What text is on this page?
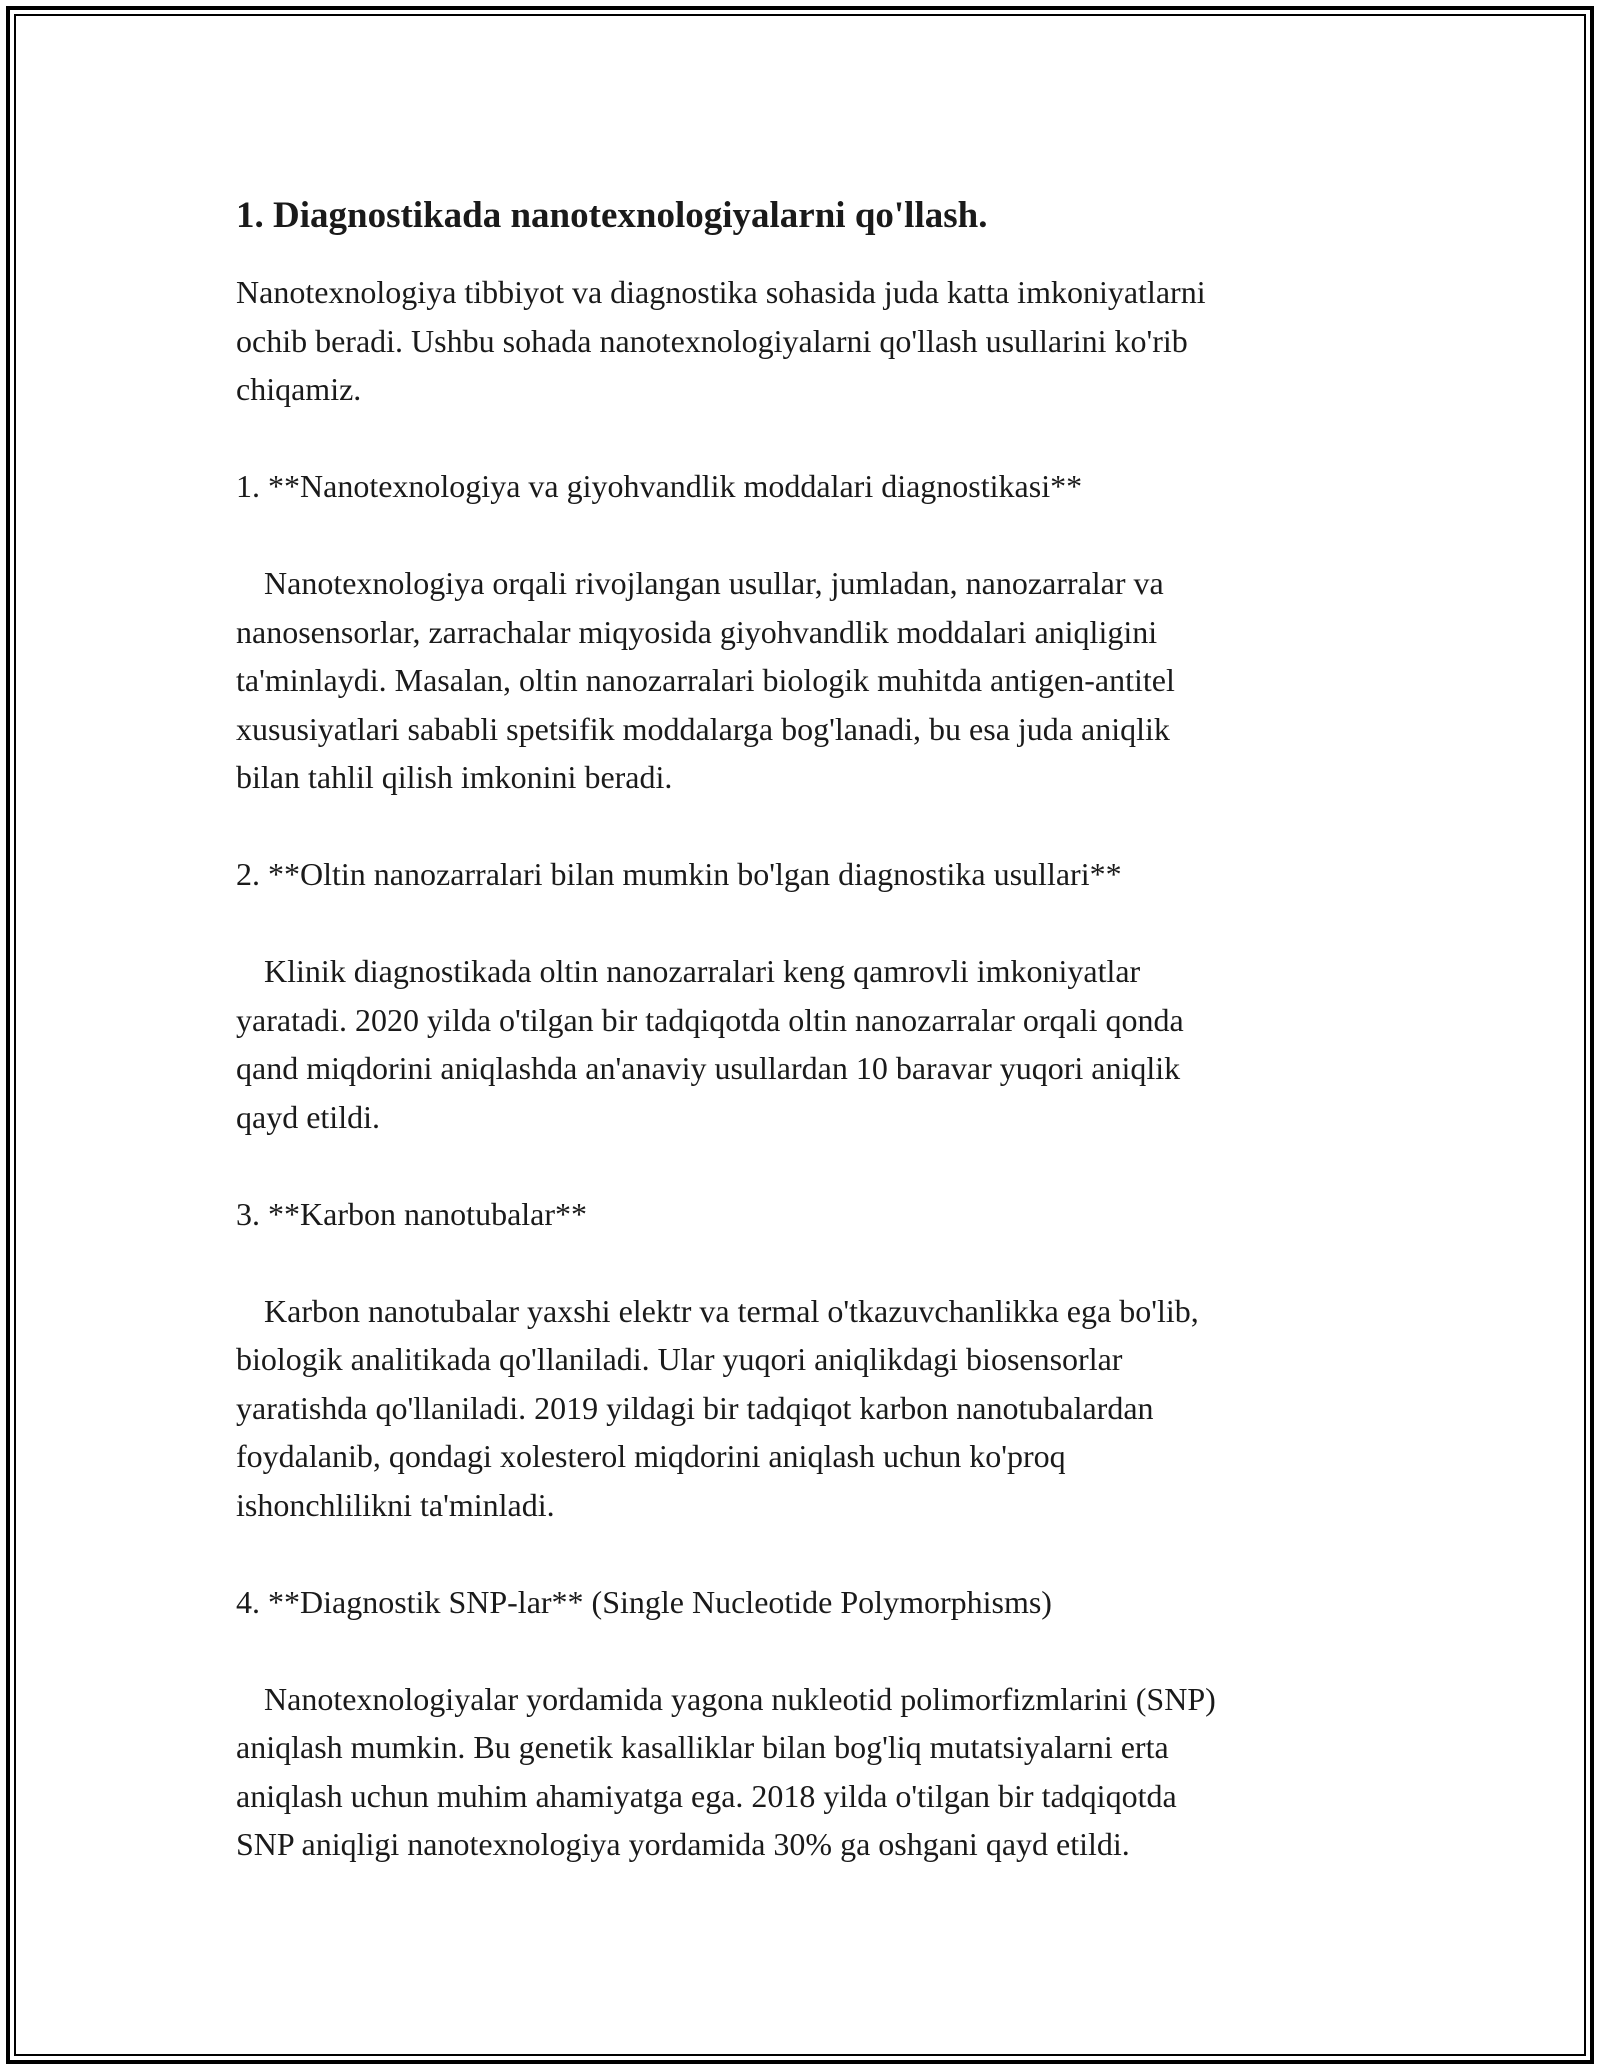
1. Diagnostikada nanotexnologiyalarni qo'llash.

Nanotexnologiya tibbiyot va diagnostika sohasida juda katta imkoniyatlarni
ochib beradi. Ushbu sohada nanotexnologiyalarni qo'llash usullarini ko'rib
chiqamiz.

1. **Nanotexnologiya va giyohvandlik moddalari diagnostikasi**

Nanotexnologiya orqali rivojlangan usullar, jumladan, nanozarralar va
nanosensorlar, zarrachalar miqyosida giyohvandlik moddalari aniqligini
ta'minlaydi. Masalan, oltin nanozarralari biologik muhitda antigen-antitel
xususiyatlari sababli spetsifik moddalarga bog'lanadi, bu esa juda aniqlik
bilan tahlil qilish imkonini beradi.

2. **Oltin nanozarralari bilan mumkin bo'lgan diagnostika usullari**

Klinik diagnostikada oltin nanozarralari keng qamrovli imkoniyatlar
yaratadi. 2020 yilda o'tilgan bir tadqiqotda oltin nanozarralar orqali qonda
qand miqdorini aniqlashda an'anaviy usullardan 10 baravar yuqori aniqlik
qayd etildi.

3. **Karbon nanotubalar**

Karbon nanotubalar yaxshi elektr va termal o'tkazuvchanlikka ega bo'lib,
biologik analitikada qo'llaniladi. Ular yuqori aniqlikdagi biosensorlar
yaratishda qo'llaniladi. 2019 yildagi bir tadqiqot karbon nanotubalardan
foydalanib, qondagi xolesterol miqdorini aniqlash uchun ko'proq
ishonchlilikni ta'minladi.

4. **Diagnostik SNP-lar** (Single Nucleotide Polymorphisms)

Nanotexnologiyalar yordamida yagona nukleotid polimorfizmlarini (SNP)
aniqlash mumkin. Bu genetik kasalliklar bilan bog'liq mutatsiyalarni erta
aniqlash uchun muhim ahamiyatga ega. 2018 yilda o'tilgan bir tadqiqotda
SNP aniqligi nanotexnologiya yordamida 30% ga oshgani qayd etildi.
